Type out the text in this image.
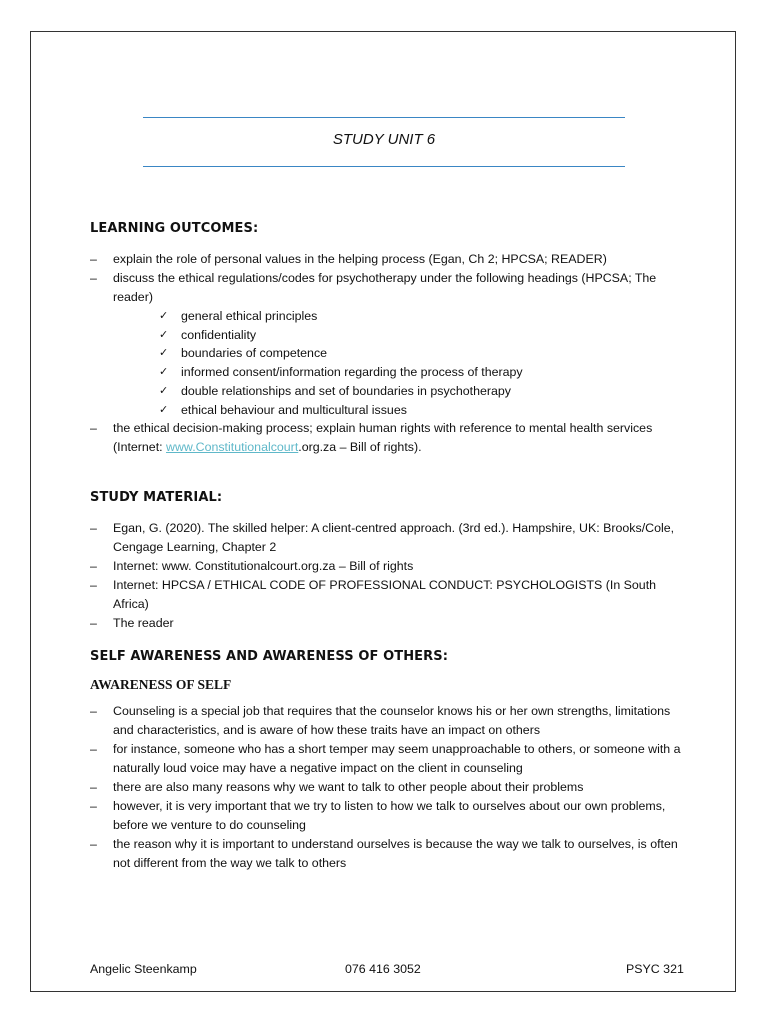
STUDY UNIT 6

LEARNING OUTCOMES:

– explain the role of personal values in the helping process (Egan, Ch 2; HPCSA; READER)
– discuss the ethical regulations/codes for psychotherapy under the following headings (HPCSA; The reader)
✓ general ethical principles
✓ confidentiality
✓ boundaries of competence
✓ informed consent/information regarding the process of therapy
✓ double relationships and set of boundaries in psychotherapy
✓ ethical behaviour and multicultural issues
– the ethical decision-making process; explain human rights with reference to mental health services (Internet: www.Constitutionalcourt.org.za – Bill of rights).

STUDY MATERIAL:

– Egan, G. (2020). The skilled helper: A client-centred approach. (3rd ed.). Hampshire, UK: Brooks/Cole, Cengage Learning, Chapter 2
– Internet: www. Constitutionalcourt.org.za – Bill of rights
– Internet: HPCSA / ETHICAL CODE OF PROFESSIONAL CONDUCT: PSYCHOLOGISTS (In South Africa)
– The reader

SELF AWARENESS AND AWARENESS OF OTHERS:

AWARENESS OF SELF

– Counseling is a special job that requires that the counselor knows his or her own strengths, limitations and characteristics, and is aware of how these traits have an impact on others
– for instance, someone who has a short temper may seem unapproachable to others, or someone with a naturally loud voice may have a negative impact on the client in counseling
– there are also many reasons why we want to talk to other people about their problems
– however, it is very important that we try to listen to how we talk to ourselves about our own problems, before we venture to do counseling
– the reason why it is important to understand ourselves is because the way we talk to ourselves, is often not different from the way we talk to others
Angelic Steenkamp	076 416 3052	PSYC 321
